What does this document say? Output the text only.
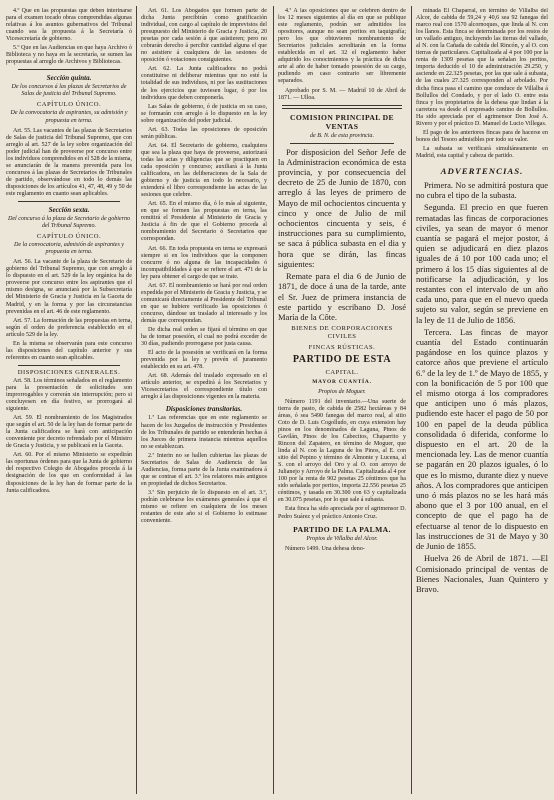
4.º Que en las propuestas que deben interinarse para el examen tocado obras comprendidas algunas relativas á los asuntos gubernativos del Tribunal cuando sea la propuesta á la Secretaría ó Vicesecretaría de gobierno.

5.º Que en las Audiencias en que haya Archivo ó Biblioteca y no haya en la secretaría, se sumen las propuestas al arreglo de Archivos y Bibliotecas.

Sección quinta.
De los concursos á las plazas de Secretarios de Salas de justicia del Tribunal Supremo.
CAPÍTULO ÚNICO.
De la convocatoria de aspirantes, su admisión y propuesta en terna.

Art. 55. Las vacantes de las plazas de Secretarios de Salas de justicia del Tribunal Supremo, que con arreglo al art. 527 de la ley sobre organización del poder judicial han de proveerse por concurso entre los individuos comprendidos en el 528 de la misma, se anunciarán de la manera prevenida para los concursos á las plazas de Secretarios de Tribunales de partido, observándose en todo lo demás las disposiciones de los artículos 41, 47, 48, 49 y 50 de este reglamento en cuanto sean aplicables.

Sección sexta.
Del concurso á la plaza de Secretario de gobierno del Tribunal Supremo.
CAPÍTULO ÚNICO.
De la convocatoria, admisión de aspirantes y propuesta en terna.

Art. 56. La vacante de la plaza de Secretario de gobierno del Tribunal Supremo, que con arreglo á lo dispuesto en el art. 529 de la ley orgánica ha de proveerse por concurso entre los aspirantes que el mismo designa, se anunciará por la Subsecretaría del Ministerio de Gracia y Justicia en la Gaceta de Madrid, y en la forma y por las circunstancias prevenidas en el art. 46 de este reglamento.

Art. 57. La formación de las propuestas en terna, según el orden de preferencia establecido en el artículo 529 de la ley.

En la misma se observarán para este concurso las disposiciones del capítulo anterior y sus referentes en cuanto sean aplicables.

DISPOSICIONES GENERALES.

Art. 58. Los términos señalados en el reglamento para la presentación de solicitudes son improrrogables y correrán sin interrupción; pero si concluyesen en día festivo, se prorrogará al siguiente.

Art. 59. El nombramiento de los Magistrados que según el art. 50 de la ley han de formar parte de la Junta calificadora se hará con anticipación conveniente por decreto refrendado por el Ministro de Gracia y Justicia, y se publicará en la Gaceta.

Art. 60. Por el mismo Ministerio se expedirán las oportunas órdenes para que la Junta de gobierno del respectivo Colegio de Abogados proceda á la designación de los que en conformidad á las disposiciones de la ley han de formar parte de la Junta calificadora.

Art. 61. Los Abogados que formen parte de dicha Junta percibirán como gratificación individual, con cargo al capítulo de imprevistos del presupuesto del Ministerio de Gracia y Justicia, 20 pesetas por cada sesión á que asistieren; pero no cobrarán derecho á percibir cantidad alguna el que no asistiere á cualquiera de las sesiones de oposición ó votaciones consiguientes.

Art. 62. La Junta calificadora no podrá constituirse ni deliberar mientras que no esté la totalidad de sus individuos, ni por las sustituciones de los ejercicios que tuviesen lugar, ó por los individuos que deben componerla.

Las Salas de gobierno, ó de justicia en su caso, se formarán con arreglo á lo dispuesto en la ley sobre organización del poder judicial.

Art. 63. Todas las oposiciones de oposición serán públicas.

Art. 64. El Secretario de gobierno, cualquiera que sea la plaza que haya de proveerse, autorizará todas las actas y diligencias que se practiquen en cada oposición y concurso; auxiliará á la Junta calificadora, en las deliberaciones de la Sala de gobierno y de justicia en todo lo necesario, y extenderá el libro correspondiente las actas de las sesiones que celebre.

Art. 65. En el mismo día, ó lo más al siguiente, en que se formen las propuestas en terna, las remitirá el Presidente al Ministerio de Gracia y Justicia á fin de que el Gobierno proceda al nombramiento del Secretario ó Secretarios que correspondan.

Art. 66. En toda propuesta en terna se expresará siempre si en los individuos que la componen concurre ó no alguna de las incapacidades ó incompatibilidades á que se refiere el art. 471 de la ley para obtener el cargo de que se trate.

Art. 67. El nombramiento se hará por real orden expedida por el Ministerio de Gracia y Justicia, y se comunicará directamente al Presidente del Tribunal en que se hubiere verificado las oposiciones ó concurso, dándose un traslado al interesado y los demás que correspondan.

De dicha real orden se fijará el término en que ha de tomar posesión, el cual no podrá exceder de 30 días, pudiendo prorrogarse por justa causa.

El acto de la posesión se verificará en la forma prevenida por la ley y prevén el juramento establecido en su art. 478.

Art. 68. Además del traslado expresado en el artículo anterior, se expedirá á los Secretarios y Vicesecretarios el correspondiente título con arreglo á las disposiciones vigentes en la materia.

Disposiciones transitorias.

1.ª Las referencias que en este reglamento se hacen de los Juzgados de instrucción y Presidentes de los Tribunales de partido se entenderán hechas á los Jueces de primera instancia mientras aquellos no se establezcan.

2.ª Interin no se hallen cubiertas las plazas de Secretarios de Salas de Audiencia de las Audiencias, forma parte de la Junta examinadora á que se contrae el art. 3.º los relatores más antiguos en propiedad de dichos Secretarios.

3.ª Sin perjuicio de lo dispuesto en el art. 3.º, podrán celebrarse los exámenes generales á que el mismo se refiere en cualquiera de los meses restantes de este año si el Gobierno lo estimase conveniente.

4.ª A las oposiciones que se celebren dentro de los 12 meses siguientes al día en que se publique este reglamento, podrán ser admitidos los opositores, aunque no sean peritos en taquigrafía; pero los que obtuvieren nombramiento de Secretarios judiciales acreditarán en la forma establecida en el art. 32 el reglamento haber adquirido los conocimientos y la práctica de dicha arte al año de haber tomado posesión de su cargo, pudiendo en caso contrario ser libremente separados.

Aprobado por S. M. — Madrid 10 de Abril de 1871. — Ulloa.

COMISION PRINCIPAL DE VENTAS
de B. N. de esta provincia.

Por disposicion del Señor Jefe de la Administracion económica de esta provincia, y por consecuencia del decreto de 25 de Junio de 1870, con arreglo á las leyes de primero de Mayo de mil ochocientos cincuenta y cinco y once de Julio de mil ochocientos cincuenta y seis, é instrucciones para su cumplimiento, se saca á pública subasta en el dia y hora que se dirán, las fincas siguientes:

Remate para el dia 6 de Junio de 1871, de doce á una de la tarde, ante el Sr. Juez de primera instancia de este partido y escribano D. José María de la Côte.

BIENES DE CORPORACIONES CIVILES
FINCAS RÚSTICAS.
PARTIDO DE ESTA
CAPITAL.
MAYOR CUANTÍA.
Propios de Moguer.

Número 1191 del inventario.—Una suerte de tierra de pasto, de cabida de 2582 hectáreas y 84 áreas, ó sea 5490 fanegas del marco real, al sitio Coto de D. Luis Cogolludo, en cuya extension hay pinos en los denominados de Laguna, Pinos de Gavilán, Pinos de los Cabecitos, Chaparrito y Rincon del Zapatero, en término de Moguer, que linda al N. con la Laguna de los Pinos, al E. con sitio del Pepino y término de Almonte y Lucena, al S. con el arroyo del Oro y al O. con arroyo de Julianejo y Arroyo de la Palma. Capitalizada al 4 por 100 por la renta de 902 pesetas 25 céntimos que ha sido señalada por peritos, importa 22.556 pesetas 25 céntimos, y tasada en 30.300 con 63 y capitalizada en 30.075 pesetas, por lo que sale á subasta.

Esta finca ha sido apreciada por el agrimensor D. Pedro Suárez y el práctico Antonio Cruz.

PARTIDO DE LA PALMA.
Propios de Villalba del Alcor.

Número 1499. Una dehesa deno-

minada El Chaparral, en término de Villalba del Alcor, de cabida de 59,24 y 40,6 sea 92 fanegas del marco real con 1570 alcornoques, que linda al N. con los llanos. Esta finca se determinada por los restos de un vallado antiguo, incluyendo las tierras del vallado, al N. con la Cañada de cabida del Rincón, y al O. con tierras de particulares. Capitalizada al 4 por 100 por la renta de 1309 pesetas que la señalan los peritos, importa deducido el 10 de administración 29.250, y asciende en 22.325 pesetas, por las que sale á subasta, de las cuales 27.325 corresponden al arbolado. Por dicha finca pasa el camino que conduce de Villalba á Bollullos del Condado, y por el lado O. entre esta finca y los propietarios de la dehesa que lindan á la carretera va desde el expresado camino de Bollullos. Ha sido apreciada por el agrimensor Don José A. Rivero y por el práctico D. Manuel de Lucio Villegas.

El pago de los anteriores fincas para de hacerse en bonos del Tesoro admisibles por todo su valor.

La subasta se verificará simultáneamente en Madrid, esta capital y cabeza de partido.

ADVERTENCIAS.

Primera. No se admitirá postura que no cubra el tipo de la subasta.

Segunda. El precio en que fueren rematadas las fincas de corporaciones civiles, ya sean de mayor ó menor cuantía se pagará el mejor postor, á quien se adjudicará en diez plazos iguales de á 10 por 100 cada uno; el primero á los 15 días siguientes al de notificarse la adjudicación, y los restantes con el intervalo de un año cada uno, para que en el nuevo queda sujeto su valor, según se previene en la ley de 11 de Julio de 1856.

Tercera. Las fincas de mayor cuantía del Estado continuarán pagándose en los quince plazos y catorce años que previene el artículo 6.º de la ley de 1.º de Mayo de 1855, y con la bonificación de 5 por 100 que el mismo otorga á los compradores que anticipen uno ó más plazos, pudiendo este hacer el pago de 50 por 100 en papel de la deuda pública consolidada ó diferida, conforme lo dispuesto en el art. 20 de la mencionada ley. Las de menor cuantía se pagarán en 20 plazos iguales, ó lo que es lo mismo, durante diez y nueve años. A los compradores que anticipen uno ó más plazos no se les hará más abono que el 3 por 100 anual, en el concepto de que el pago ha de efectuarse al tenor de lo dispuesto en las instrucciones de 31 de Mayo y 30 de Junio de 1855.

Huelva 26 de Abril de 1871. —El Comisionado principal de ventas de Bienes Nacionales, Juan Quintero y Bravo.
